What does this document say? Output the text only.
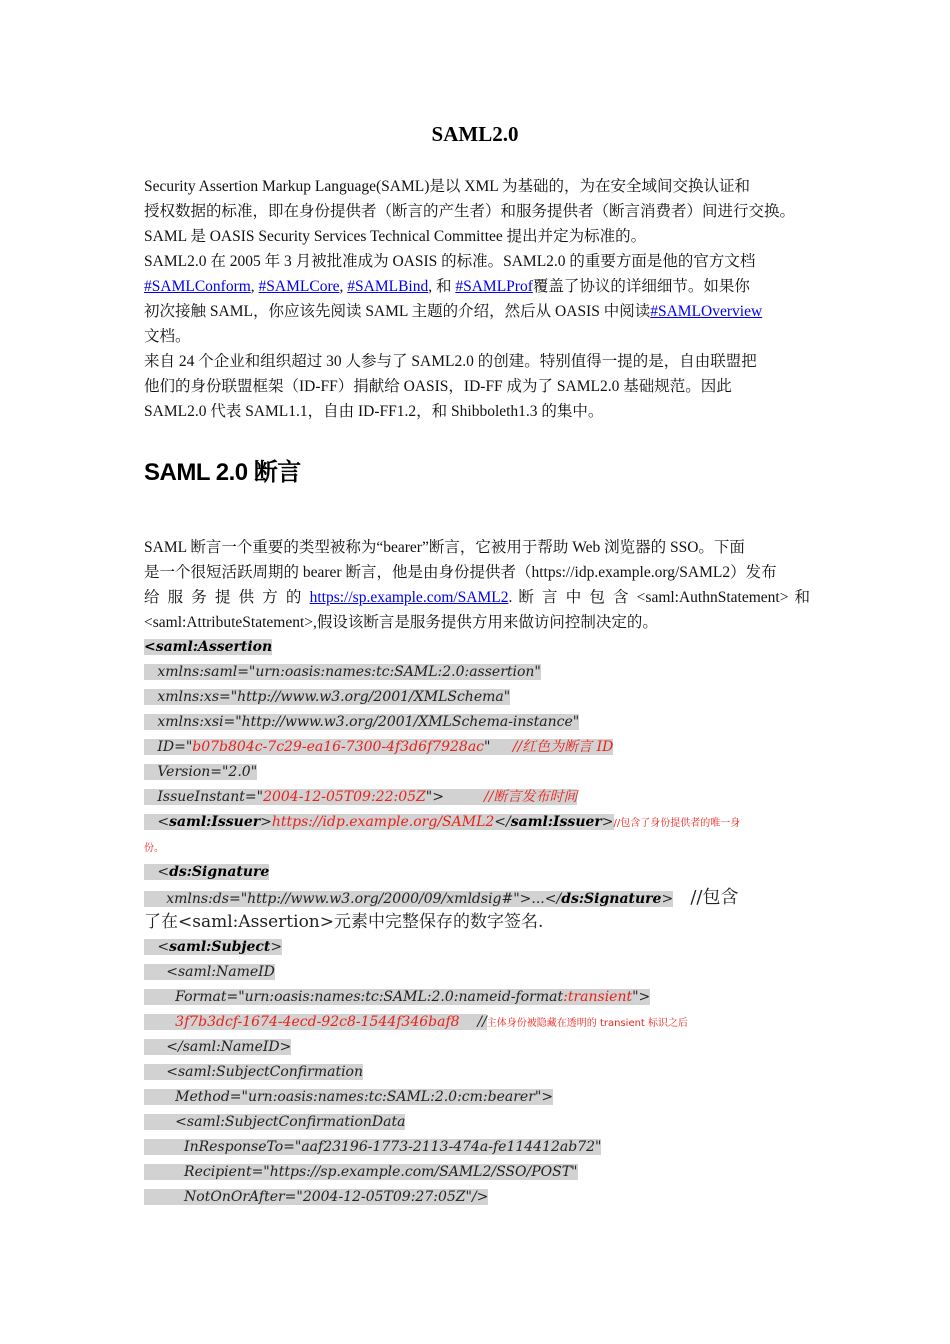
SAML2.0
Security Assertion Markup Language(SAML)是以 XML 为基础的，为在安全域间交换认证和
授权数据的标准，即在身份提供者（断言的产生者）和服务提供者（断言消费者）间进行交换。
SAML 是 OASIS Security Services Technical Committee 提出并定为标准的。
SAML2.0 在 2005 年 3 月被批准成为 OASIS 的标准。SAML2.0 的重要方面是他的官方文档
#SAMLConform, #SAMLCore, #SAMLBind, 和 #SAMLProf覆盖了协议的详细细节。如果你
初次接触 SAML，你应该先阅读 SAML 主题的介绍，然后从 OASIS 中阅读#SAMLOverview
文档。
来自 24 个企业和组织超过 30 人参与了 SAML2.0 的创建。特别值得一提的是，自由联盟把
他们的身份联盟框架（ID-FF）捐献给 OASIS，ID-FF 成为了 SAML2.0 基础规范。因此
SAML2.0 代表 SAML1.1，自由 ID-FF1.2，和 Shibboleth1.3 的集中。
SAML 2.0 断言
SAML 断言一个重要的类型被称为“bearer”断言，它被用于帮助 Web 浏览器的 SSO。下面
是一个很短活跃周期的 bearer 断言，他是由身份提供者（https://idp.example.org/SAML2）发布
给 服 务 提 供 方 的 https://sp.example.com/SAML2. 断 言 中 包 含 <saml:AuthnStatement> 和
<saml:AttributeStatement>,假设该断言是服务提供方用来做访问控制决定的。
<saml:Assertion
xmlns:saml="urn:oasis:names:tc:SAML:2.0:assertion"
xmlns:xs="http://www.w3.org/2001/XMLSchema"
xmlns:xsi="http://www.w3.org/2001/XMLSchema-instance"
ID="b07b804c-7c29-ea16-7300-4f3d6f7928ac"     //红色为断言 ID
Version="2.0"
IssueInstant="2004-12-05T09:22:05Z">         //断言发布时间
<saml:Issuer>https://idp.example.org/SAML2</saml:Issuer>//包含了身份提供者的唯一身
份。
<ds:Signature
xmlns:ds="http://www.w3.org/2000/09/xmldsig#">...</ds:Signature>   //包含
了在<saml:Assertion>元素中完整保存的数字签名.
<saml:Subject>
<saml:NameID
Format="urn:oasis:names:tc:SAML:2.0:nameid-format:transient">
3f7b3dcf-1674-4ecd-92c8-1544f346baf8    //主体身份被隐藏在透明的 transient 标识之后
</saml:NameID>
<saml:SubjectConfirmation
Method="urn:oasis:names:tc:SAML:2.0:cm:bearer">
<saml:SubjectConfirmationData
InResponseTo="aaf23196-1773-2113-474a-fe114412ab72"
Recipient="https://sp.example.com/SAML2/SSO/POST"
NotOnOrAfter="2004-12-05T09:27:05Z"/>
